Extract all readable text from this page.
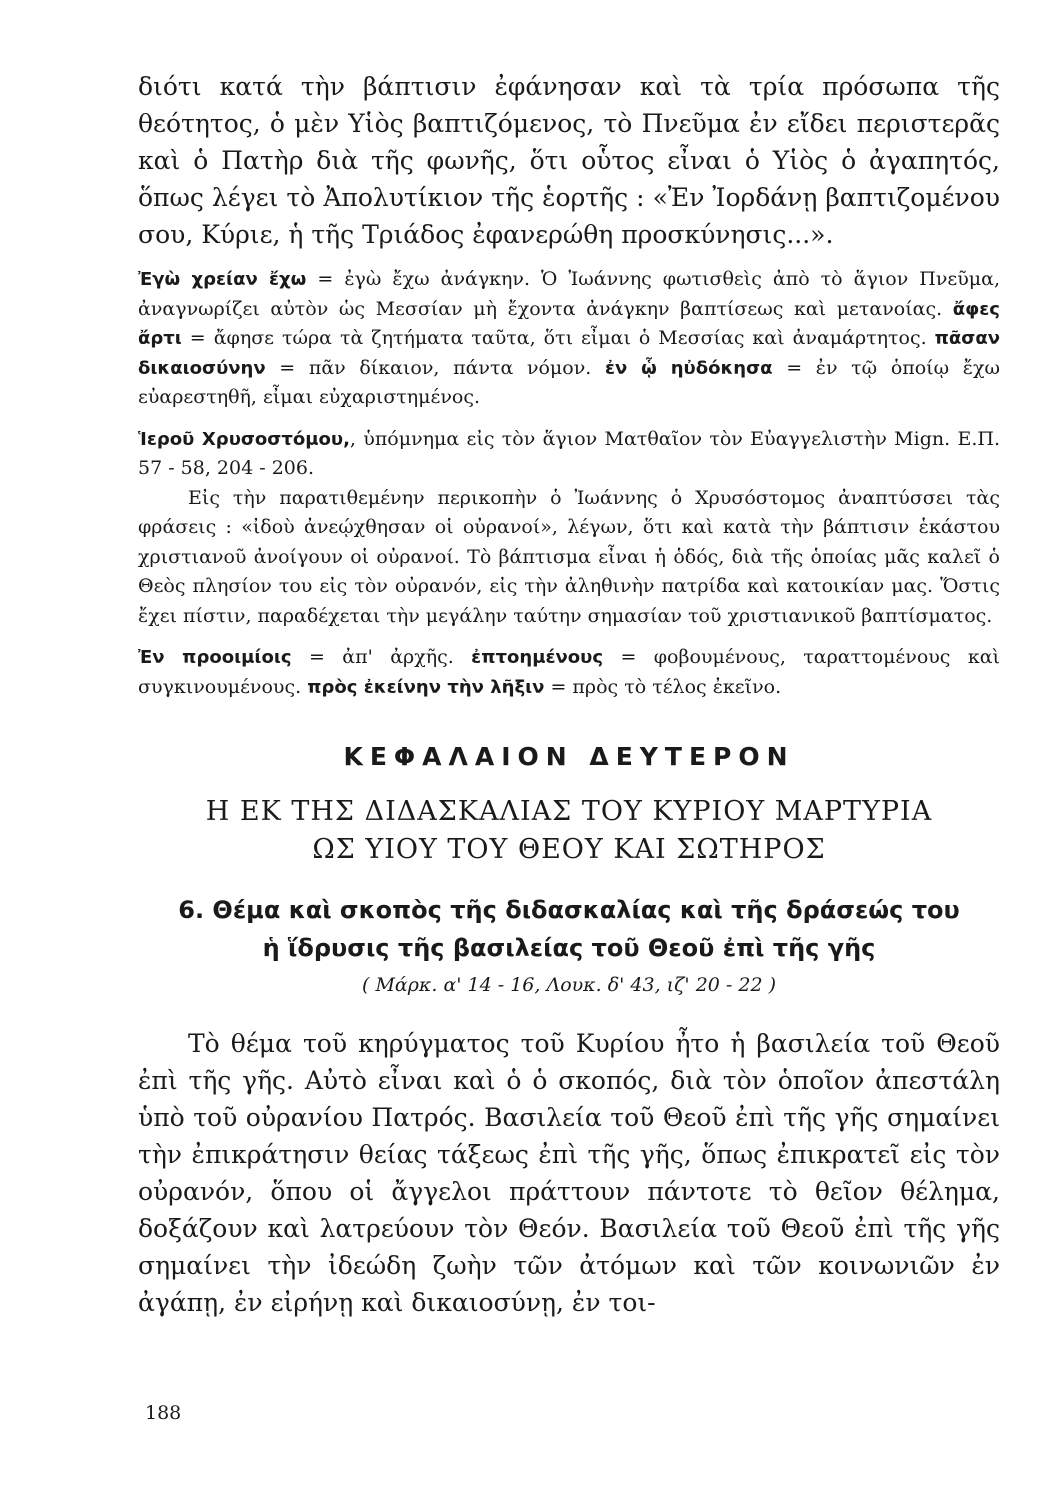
διότι κατά τὴν βάπτισιν ἐφάνησαν καὶ τὰ τρία πρόσωπα τῆς θεότητος, ὁ μὲν Υἱὸς βαπτιζόμενος, τὸ Πνεῦμα ἐν εἴδει περιστερᾶς καὶ ὁ Πατὴρ διὰ τῆς φωνῆς, ὅτι οὗτος εἶναι ὁ Υἱὸς ὁ ἀγαπητός, ὅπως λέγει τὸ Ἀπολυτίκιον τῆς ἑορτῆς : «Ἐν Ἰορδάνῃ βαπτιζομένου σου, Κύριε, ἡ τῆς Τριάδος ἐφανερώθη προσκύνησις...».

Ἐγὼ χρείαν ἔχω = ἐγὼ ἔχω ἀνάγκην. Ὁ Ἰωάννης φωτισθεὶς ἀπὸ τὸ ἅγιον Πνεῦμα, ἀναγνωρίζει αὐτὸν ὡς Μεσσίαν μὴ ἔχοντα ἀνάγκην βαπτίσεως καὶ μετανοίας. ἄφες ἄρτι = ἄφησε τώρα τὰ ζητήματα ταῦτα, ὅτι εἶμαι ὁ Μεσσίας καὶ ἀναμάρτητος. πᾶσαν δικαιοσύνην = πᾶν δίκαιον, πάντα νόμον. ἐν ᾧ ηὐδόκησα = ἐν τῷ ὁποίῳ ἔχω εὐαρεστηθῆ, εἶμαι εὐχαριστημένος.

Ἱεροῦ Χρυσοστόμου,, ὑπόμνημα εἰς τὸν ἅγιον Ματθαῖον τὸν Εὐαγγελιστὴν Mign. Ε.Π. 57 - 58, 204 - 206.

Εἰς τὴν παρατιθεμένην περικοπὴν ὁ Ἰωάννης ὁ Χρυσόστομος ἀναπτύσσει τὰς φράσεις : «ἰδοὺ ἀνεῴχθησαν οἱ οὐρανοί», λέγων, ὅτι καὶ κατὰ τὴν βάπτισιν ἑκάστου χριστιανοῦ ἀνοίγουν οἱ οὐρανοί. Τὸ βάπτισμα εἶναι ἡ ὁδός, διὰ τῆς ὁποίας μᾶς καλεῖ ὁ Θεὸς πλησίον του εἰς τὸν οὐρανόν, εἰς τὴν ἀληθινὴν πατρίδα καὶ κατοικίαν μας. Ὅστις ἔχει πίστιν, παραδέχεται τὴν μεγάλην ταύτην σημασίαν τοῦ χριστιανικοῦ βαπτίσματος.

Ἐν προοιμίοις = ἀπ' ἀρχῆς. ἐπτοημένους = φοβουμένους, ταραττομένους καὶ συγκινουμένους. πρὸς ἐκείνην τὴν λῆξιν = πρὸς τὸ τέλος ἐκεῖνο.

ΚΕΦΑΛΑΙΟΝ ΔΕΥΤΕΡΟΝ
Η ΕΚ ΤΗΣ ΔΙΔΑΣΚΑΛΙΑΣ ΤΟΥ ΚΥΡΙΟΥ ΜΑΡΤΥΡΙΑ
ΩΣ ΥΙΟΥ ΤΟΥ ΘΕΟΥ ΚΑΙ ΣΩΤΗΡΟΣ
6. Θέμα καὶ σκοπὸς τῆς διδασκαλίας καὶ τῆς δράσεώς του
ἡ ἵδρυσις τῆς βασιλείας τοῦ Θεοῦ ἐπὶ τῆς γῆς
( Μάρκ. α' 14 - 16, Λουκ. δ' 43, ιζ' 20 - 22 )

Τὸ θέμα τοῦ κηρύγματος τοῦ Κυρίου ἦτο ἡ βασιλεία τοῦ Θεοῦ ἐπὶ τῆς γῆς. Αὐτὸ εἶναι καὶ ὁ ὁ σκοπός, διὰ τὸν ὁποῖον ἀπεστάλη ὑπὸ τοῦ οὐρανίου Πατρός. Βασιλεία τοῦ Θεοῦ ἐπὶ τῆς γῆς σημαίνει τὴν ἐπικράτησιν θείας τάξεως ἐπὶ τῆς γῆς, ὅπως ἐπικρατεῖ εἰς τὸν οὐρανόν, ὅπου οἱ ἄγγελοι πράττουν πάντοτε τὸ θεῖον θέλημα, δοξάζουν καὶ λατρεύουν τὸν Θεόν. Βασιλεία τοῦ Θεοῦ ἐπὶ τῆς γῆς σημαίνει τὴν ἰδεώδη ζωὴν τῶν ἀτόμων καὶ τῶν κοινωνιῶν ἐν ἀγάπῃ, ἐν εἰρήνῃ καὶ δικαιοσύνῃ, ἐν τοι-

188
